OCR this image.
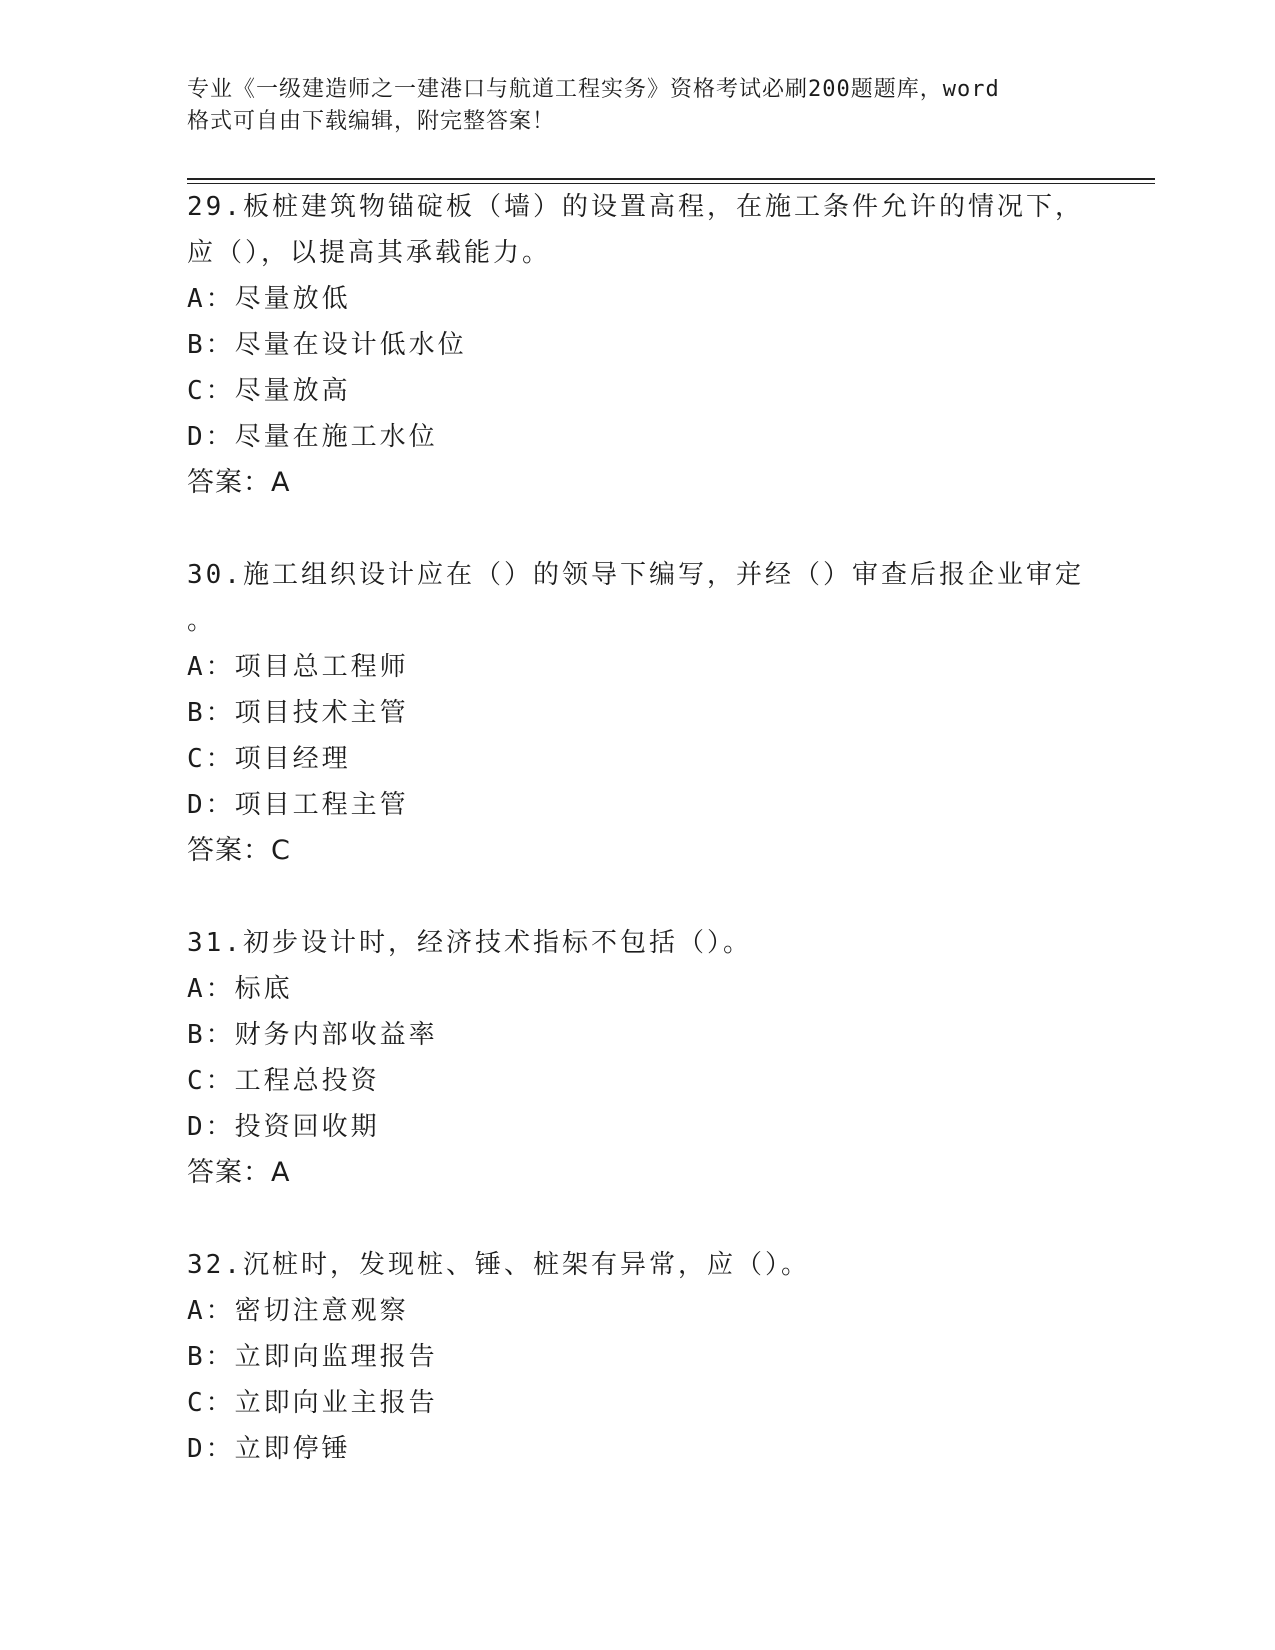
专业《一级建造师之一建港口与航道工程实务》资格考试必刷200题题库，word
格式可自由下载编辑，附完整答案！
29.板桩建筑物锚碇板（墙）的设置高程，在施工条件允许的情况下，
应（），以提高其承载能力。
A：尽量放低
B：尽量在设计低水位
C：尽量放高
D：尽量在施工水位
答案：A
30.施工组织设计应在（）的领导下编写，并经（）审查后报企业审定
。
A：项目总工程师
B：项目技术主管
C：项目经理
D：项目工程主管
答案：C
31.初步设计时，经济技术指标不包括（）。
A：标底
B：财务内部收益率
C：工程总投资
D：投资回收期
答案：A
32.沉桩时，发现桩、锤、桩架有异常，应（）。
A：密切注意观察
B：立即向监理报告
C：立即向业主报告
D：立即停锤
